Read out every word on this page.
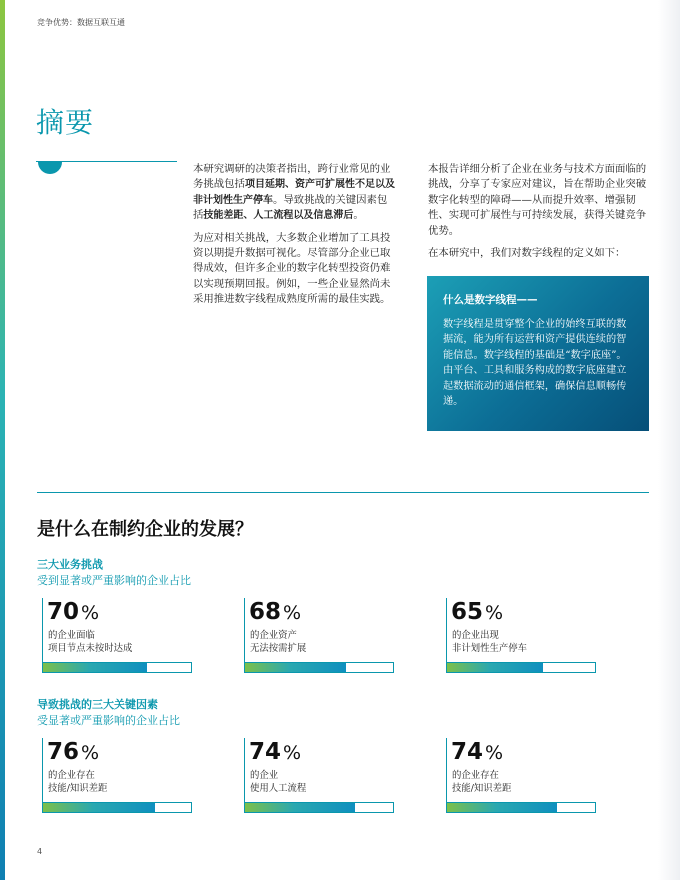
竞争优势：数据互联互通
摘要

本研究调研的决策者指出，跨行业常见的业务挑战包括项目延期、资产可扩展性不足以及非计划性生产停车。导致挑战的关键因素包括技能差距、人工流程以及信息滞后。

为应对相关挑战，大多数企业增加了工具投资以期提升数据可视化。尽管部分企业已取得成效，但许多企业的数字化转型投资仍难以实现预期回报。例如，一些企业显然尚未采用推进数字线程成熟度所需的最佳实践。

本报告详细分析了企业在业务与技术方面面临的挑战，分享了专家应对建议，旨在帮助企业突破数字化转型的障碍——从而提升效率、增强韧性、实现可扩展性与可持续发展，获得关键竞争优势。

在本研究中，我们对数字线程的定义如下：

什么是数字线程——
数字线程是贯穿整个企业的始终互联的数据流，能为所有运营和资产提供连续的智能信息。数字线程的基础是“数字底座”。由平台、工具和服务构成的数字底座建立起数据流动的通信框架，确保信息顺畅传递。
是什么在制约企业的发展？
三大业务挑战
受到显著或严重影响的企业占比
70 %
的企业面临
项目节点未按时达成
68 %
的企业资产
无法按需扩展
65 %
的企业出现
非计划性生产停车
导致挑战的三大关键因素
受显著或严重影响的企业占比
76 %
的企业存在
技能/知识差距
74 %
的企业
使用人工流程
74 %
的企业存在
技能/知识差距
4
